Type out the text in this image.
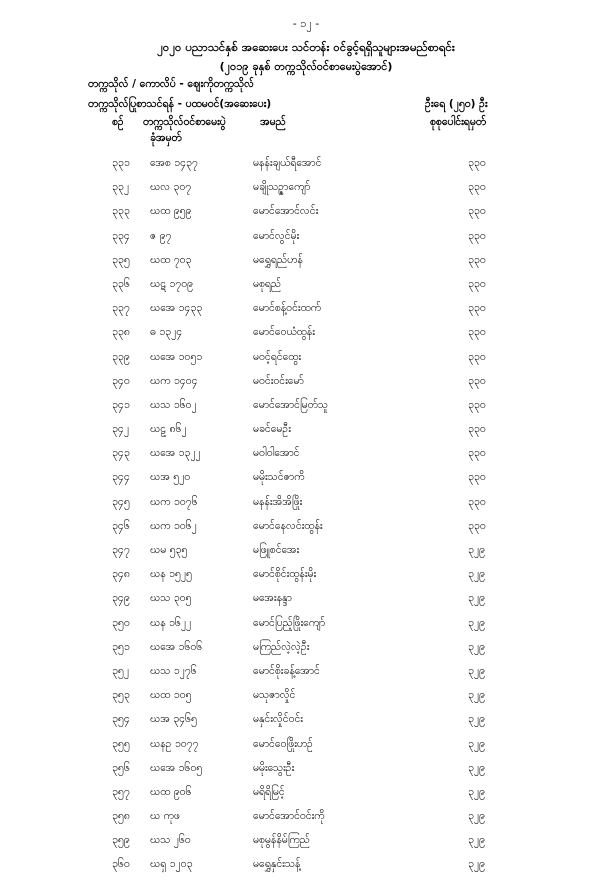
- ၁၂ -
၂၀၂၀ ပညာသင်နှစ် အဆေးပေး သင်တန်း ဝင်ခွင့်ရရှိသူများအမည်စာရင်း
(၂၀၁၉ ခုနှစ် တက္ကသိုလ်ဝင်စာမေးပွဲအောင်)
တက္ကသိုလ် / ကောလိပ် - ဈေးကိုတက္ကသိုလ်
တက္ကသိုလ်ပြုစာသင်ရန် - ပထမဝင်(အဆေးပေး)	ဦးရေ (၂၅၀) ဦး
စဉ် တက္ကသိုလ်ဝင်စာမေးပွဲ
ခုံအမှတ်
အမည်	စုစုပေါင်းရမှတ်
၃၃၁ အေစ ၁၄၃၇	မနန်းချယ်ရီအောင်	၃၃၀
၃၃၂ ဃလ ၃၀၇	မချိုသဉ္ဇာကျော်	၃၃၀
၃၃၃ ဃထ ၉၅၉	မောင်အောင်လင်း	၃၃၀
၃၃၄ ဇ ၉၇	မောင်လွင်မိုး	၃၃၀
၃၃၅ ဃထ ၇၀၃	မရွှေရည်ဟန်	၃၃၀
၃၃၆ ဃဋ ၁၇၀၉	မစုရည်	၃၃၀
၃၃၇ ဃအေ ၁၄၃၃	မောင်စန့်ဝင်းထက်	၃၃၀
၃၃၈ ဓ ၁၃၂၄	မောင်ဝေယံထွန်း	၃၃၀
၃၃၉ ဃအေ ၁၀၅၁	မဝင့်ရင်ထွေး	၃၃၀
၃၄၀ ဃက ၁၄၀၄	မဝင်းဝင်းမော်	၃၃၀
၃၄၁ ဃသ ၁၆၀၂	မောင်အောင်မြတ်သူ	၃၃၀
၃၄၂ ဃဠ ၈၆၂	မခင်မေဦး	၃၃၀
၃၄၃ ဃအေ ၁၃၂၂	မဝါဝါအောင်	၃၃၀
၃၄၄ ဃအ ၅၂၀	မမိုးသင်ဇာကိ	၃၃၀
၃၄၅ ဃက ၁၀၇၆	မနန်းအိအိဖြိုး	၃၃၀
၃၄၆ ဃက ၁၀၆၂	မောင်နေလင်းထွန်း	၃၃၀
၃၄၇ ဃမ ၅၃၅	မဖြူစင်အေး	၃၂၉
၃၄၈ ဃန ၁၅၂၅	မောင်စိုင်းထွန်းမိုး	၃၂၉
၃၄၉ ဃသ ၃၀၅	မအေးနန္ဒာ	၃၂၉
၃၅၀ ဃန ၁၆၂၂	မောင်ပြည့်ဖြိုးကျော်	၃၂၉
၃၅၁ ဃအေ ၁၆၀၆	မကြည်လဲ့လဲ့ဦး	၃၂၉
၃၅၂ ဃသ ၁၂၇၆	မောင်စိုးခန့်အောင်	၃၂၉
၃၅၃ ဃထ ၁၀၅	မသုဇာလှိုင်	၃၂၉
၃၅၄ ဃအ ၃၄၆၅	မနှင်းလှိုင်ဝင်း	၃၂၉
၃၅၅ ဃနဥ ၁၀၇၇	မောင်ဝေဖြိုးဟဉ်	၃၂၉
၃၅၆ ဃအေ ၁၆၀၅	မမိုးသွေးဦး	၃၂၉
၃၅၇ ဃထ ၉၀၆	မရိရိမြင့်	၃၂၉
၃၅၈ ဃ ကုဖ	မောင်အောင်ဝင်းကို	၃၂၉
၃၅၉ ဃသ ၂၆၀	မစုမွန်နိမ်ကြည်	၃၂၉
၃၆၀ ဃရှ ၁၂၀၃	မရွှေနှင်းသန့်	၃၂၉
